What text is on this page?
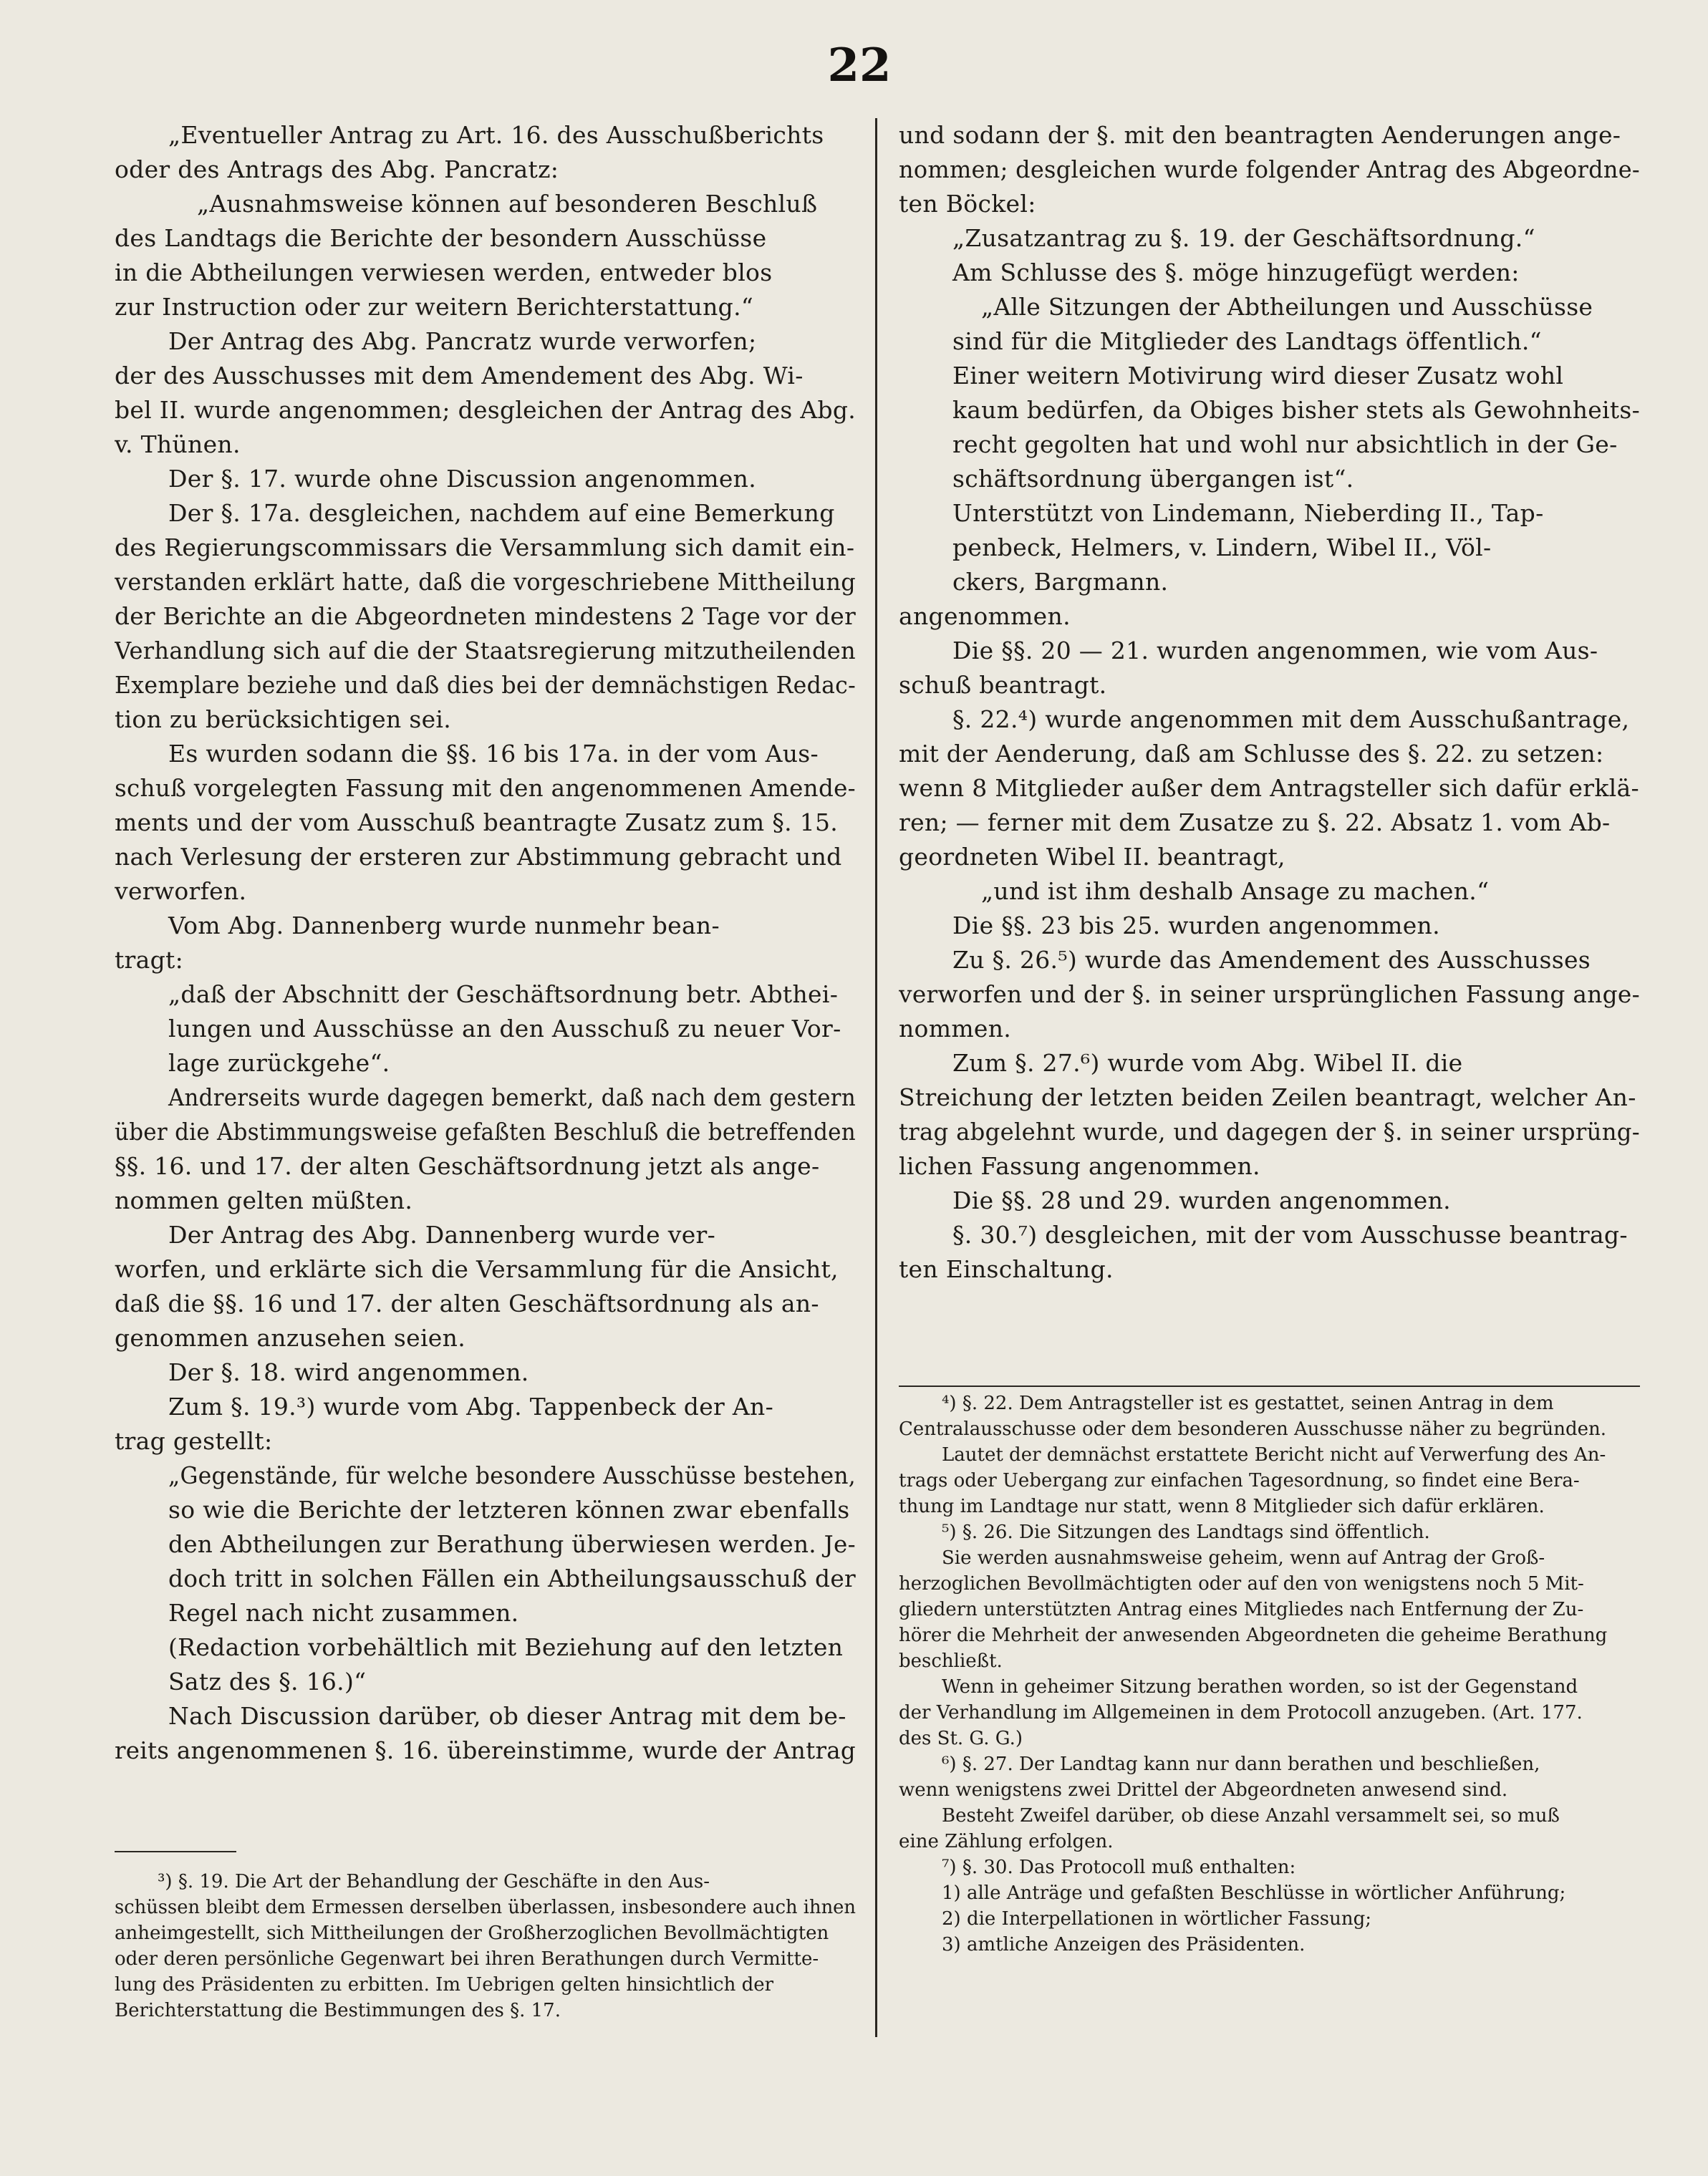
22
„Eventueller Antrag zu Art. 16. des Ausschußberichts
oder des Antrags des Abg. Pancratz:
„Ausnahmsweise können auf besonderen Beschluß
des Landtags die Berichte der besondern Ausschüsse
in die Abtheilungen verwiesen werden, entweder blos
zur Instruction oder zur weitern Berichterstattung.“
Der Antrag des Abg. Pancratz wurde verworfen;
der des Ausschusses mit dem Amendement des Abg. Wi-
bel II. wurde angenommen; desgleichen der Antrag des Abg.
v. Thünen.
Der §. 17. wurde ohne Discussion angenommen.
Der §. 17a. desgleichen, nachdem auf eine Bemerkung
des Regierungscommissars die Versammlung sich damit ein-
verstanden erklärt hatte, daß die vorgeschriebene Mittheilung
der Berichte an die Abgeordneten mindestens 2 Tage vor der
Verhandlung sich auf die der Staatsregierung mitzutheilenden
Exemplare beziehe und daß dies bei der demnächstigen Redac-
tion zu berücksichtigen sei.
Es wurden sodann die §§. 16 bis 17a. in der vom Aus-
schuß vorgelegten Fassung mit den angenommenen Amende-
ments und der vom Ausschuß beantragte Zusatz zum §. 15.
nach Verlesung der ersteren zur Abstimmung gebracht und
verworfen.
Vom Abg. Dannenberg wurde nunmehr bean-
tragt:
„daß der Abschnitt der Geschäftsordnung betr. Abthei-
lungen und Ausschüsse an den Ausschuß zu neuer Vor-
lage zurückgehe“.
Andrerseits wurde dagegen bemerkt, daß nach dem gestern
über die Abstimmungsweise gefaßten Beschluß die betreffenden
§§. 16. und 17. der alten Geschäftsordnung jetzt als ange-
nommen gelten müßten.
Der Antrag des Abg. Dannenberg wurde ver-
worfen, und erklärte sich die Versammlung für die Ansicht,
daß die §§. 16 und 17. der alten Geschäftsordnung als an-
genommen anzusehen seien.
Der §. 18. wird angenommen.
Zum §. 19.³) wurde vom Abg. Tappenbeck der An-
trag gestellt:
„Gegenstände, für welche besondere Ausschüsse bestehen,
so wie die Berichte der letzteren können zwar ebenfalls
den Abtheilungen zur Berathung überwiesen werden. Je-
doch tritt in solchen Fällen ein Abtheilungsausschuß der
Regel nach nicht zusammen.
(Redaction vorbehältlich mit Beziehung auf den letzten
Satz des §. 16.)“
Nach Discussion darüber, ob dieser Antrag mit dem be-
reits angenommenen §. 16. übereinstimme, wurde der Antrag
und sodann der §. mit den beantragten Aenderungen ange-
nommen; desgleichen wurde folgender Antrag des Abgeordne-
ten Böckel:
„Zusatzantrag zu §. 19. der Geschäftsordnung.“
Am Schlusse des §. möge hinzugefügt werden:
„Alle Sitzungen der Abtheilungen und Ausschüsse
sind für die Mitglieder des Landtags öffentlich.“
Einer weitern Motivirung wird dieser Zusatz wohl
kaum bedürfen, da Obiges bisher stets als Gewohnheits-
recht gegolten hat und wohl nur absichtlich in der Ge-
schäftsordnung übergangen ist“.
Unterstützt von Lindemann, Nieberding II., Tap-
penbeck, Helmers, v. Lindern, Wibel II., Völ-
ckers, Bargmann.
angenommen.
Die §§. 20 — 21. wurden angenommen, wie vom Aus-
schuß beantragt.
§. 22.⁴) wurde angenommen mit dem Ausschußantrage,
mit der Aenderung, daß am Schlusse des §. 22. zu setzen:
wenn 8 Mitglieder außer dem Antragsteller sich dafür erklä-
ren; — ferner mit dem Zusatze zu §. 22. Absatz 1. vom Ab-
geordneten Wibel II. beantragt,
„und ist ihm deshalb Ansage zu machen.“
Die §§. 23 bis 25. wurden angenommen.
Zu §. 26.⁵) wurde das Amendement des Ausschusses
verworfen und der §. in seiner ursprünglichen Fassung ange-
nommen.
Zum §. 27.⁶) wurde vom Abg. Wibel II. die
Streichung der letzten beiden Zeilen beantragt, welcher An-
trag abgelehnt wurde, und dagegen der §. in seiner ursprüng-
lichen Fassung angenommen.
Die §§. 28 und 29. wurden angenommen.
§. 30.⁷) desgleichen, mit der vom Ausschusse beantrag-
ten Einschaltung.
³) §. 19. Die Art der Behandlung der Geschäfte in den Aus-
schüssen bleibt dem Ermessen derselben überlassen, insbesondere auch ihnen
anheimgestellt, sich Mittheilungen der Großherzoglichen Bevollmächtigten
oder deren persönliche Gegenwart bei ihren Berathungen durch Vermitte-
lung des Präsidenten zu erbitten. Im Uebrigen gelten hinsichtlich der
Berichterstattung die Bestimmungen des §. 17.
⁴) §. 22. Dem Antragsteller ist es gestattet, seinen Antrag in dem
Centralausschusse oder dem besonderen Ausschusse näher zu begründen.
Lautet der demnächst erstattete Bericht nicht auf Verwerfung des An-
trags oder Uebergang zur einfachen Tagesordnung, so findet eine Bera-
thung im Landtage nur statt, wenn 8 Mitglieder sich dafür erklären.
⁵) §. 26. Die Sitzungen des Landtags sind öffentlich.
Sie werden ausnahmsweise geheim, wenn auf Antrag der Groß-
herzoglichen Bevollmächtigten oder auf den von wenigstens noch 5 Mit-
gliedern unterstützten Antrag eines Mitgliedes nach Entfernung der Zu-
hörer die Mehrheit der anwesenden Abgeordneten die geheime Berathung
beschließt.
Wenn in geheimer Sitzung berathen worden, so ist der Gegenstand
der Verhandlung im Allgemeinen in dem Protocoll anzugeben. (Art. 177.
des St. G. G.)
⁶) §. 27. Der Landtag kann nur dann berathen und beschließen,
wenn wenigstens zwei Drittel der Abgeordneten anwesend sind.
Besteht Zweifel darüber, ob diese Anzahl versammelt sei, so muß
eine Zählung erfolgen.
⁷) §. 30. Das Protocoll muß enthalten:
1) alle Anträge und gefaßten Beschlüsse in wörtlicher Anführung;
2) die Interpellationen in wörtlicher Fassung;
3) amtliche Anzeigen des Präsidenten.
